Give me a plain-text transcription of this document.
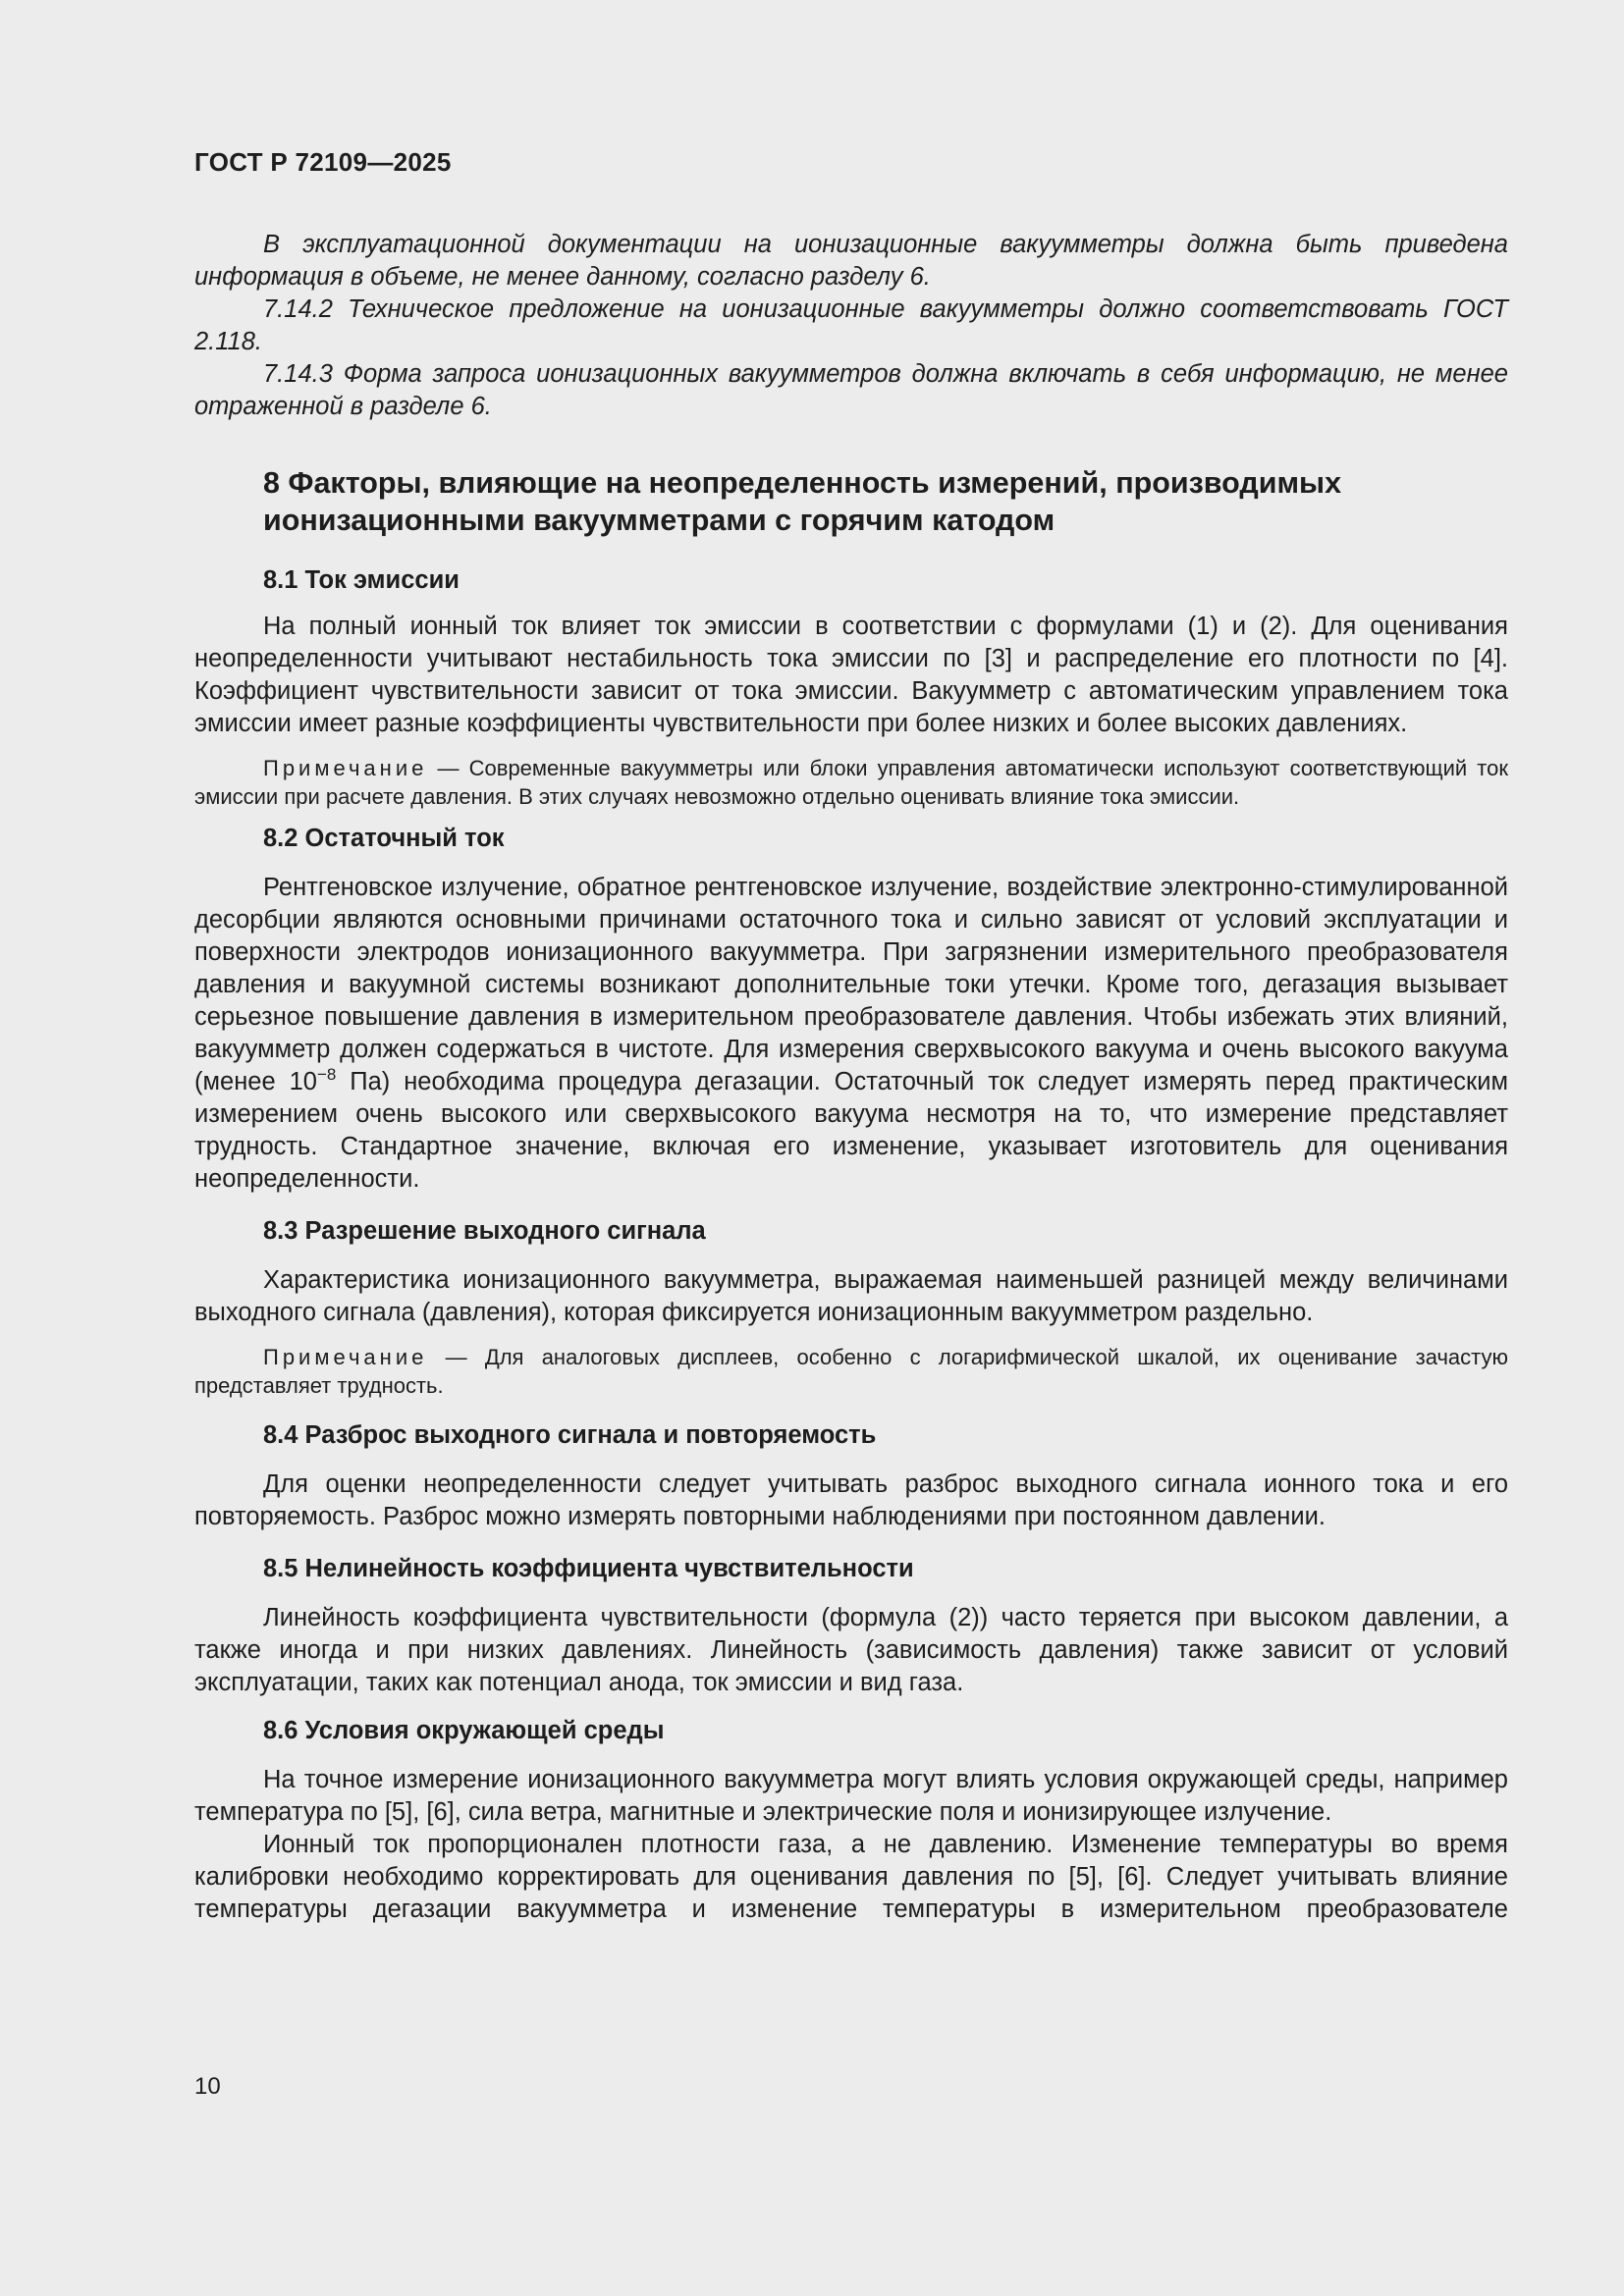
ГОСТ Р 72109—2025

В эксплуатационной документации на ионизационные вакуумметры должна быть приведена информация в объеме, не менее данному, согласно разделу 6.

7.14.2 Техническое предложение на ионизационные вакуумметры должно соответствовать ГОСТ 2.118.

7.14.3 Форма запроса ионизационных вакуумметров должна включать в себя информацию, не менее отраженной в разделе 6.

8 Факторы, влияющие на неопределенность измерений, производимых
ионизационными вакуумметрами с горячим катодом
8.1 Ток эмиссии

На полный ионный ток влияет ток эмиссии в соответствии с формулами (1) и (2). Для оценивания неопределенности учитывают нестабильность тока эмиссии по [3] и распределение его плотности по [4]. Коэффициент чувствительности зависит от тока эмиссии. Вакуумметр с автоматическим управлением тока эмиссии имеет разные коэффициенты чувствительности при более низких и более высоких давлениях.

Примечание — Современные вакуумметры или блоки управления автоматически используют соответствующий ток эмиссии при расчете давления. В этих случаях невозможно отдельно оценивать влияние тока эмиссии.
8.2 Остаточный ток

Рентгеновское излучение, обратное рентгеновское излучение, воздействие электронно-стимулированной десорбции являются основными причинами остаточного тока и сильно зависят от условий эксплуатации и поверхности электродов ионизационного вакуумметра. При загрязнении измерительного преобразователя давления и вакуумной системы возникают дополнительные токи утечки. Кроме того, дегазация вызывает серьезное повышение давления в измерительном преобразователе давления. Чтобы избежать этих влияний, вакуумметр должен содержаться в чистоте. Для измерения сверхвысокого вакуума и очень высокого вакуума (менее $10^{-8}$ Па) необходима процедура дегазации. Остаточный ток следует измерять перед практическим измерением очень высокого или сверхвысокого вакуума несмотря на то, что измерение представляет трудность. Стандартное значение, включая его изменение, указывает изготовитель для оценивания неопределенности.

8.3 Разрешение выходного сигнала

Характеристика ионизационного вакуумметра, выражаемая наименьшей разницей между величинами выходного сигнала (давления), которая фиксируется ионизационным вакуумметром раздельно.

Примечание — Для аналоговых дисплеев, особенно с логарифмической шкалой, их оценивание зачастую представляет трудность.
8.4 Разброс выходного сигнала и повторяемость

Для оценки неопределенности следует учитывать разброс выходного сигнала ионного тока и его повторяемость. Разброс можно измерять повторными наблюдениями при постоянном давлении.

8.5 Нелинейность коэффициента чувствительности

Линейность коэффициента чувствительности (формула (2)) часто теряется при высоком давлении, а также иногда и при низких давлениях. Линейность (зависимость давления) также зависит от условий эксплуатации, таких как потенциал анода, ток эмиссии и вид газа.

8.6 Условия окружающей среды

На точное измерение ионизационного вакуумметра могут влиять условия окружающей среды, например температура по [5], [6], сила ветра, магнитные и электрические поля и ионизирующее излучение.

Ионный ток пропорционален плотности газа, а не давлению. Изменение температуры во время калибровки необходимо корректировать для оценивания давления по [5], [6]. Следует учитывать влияние температуры дегазации вакуумметра и изменение температуры в измерительном преобразователе

10
